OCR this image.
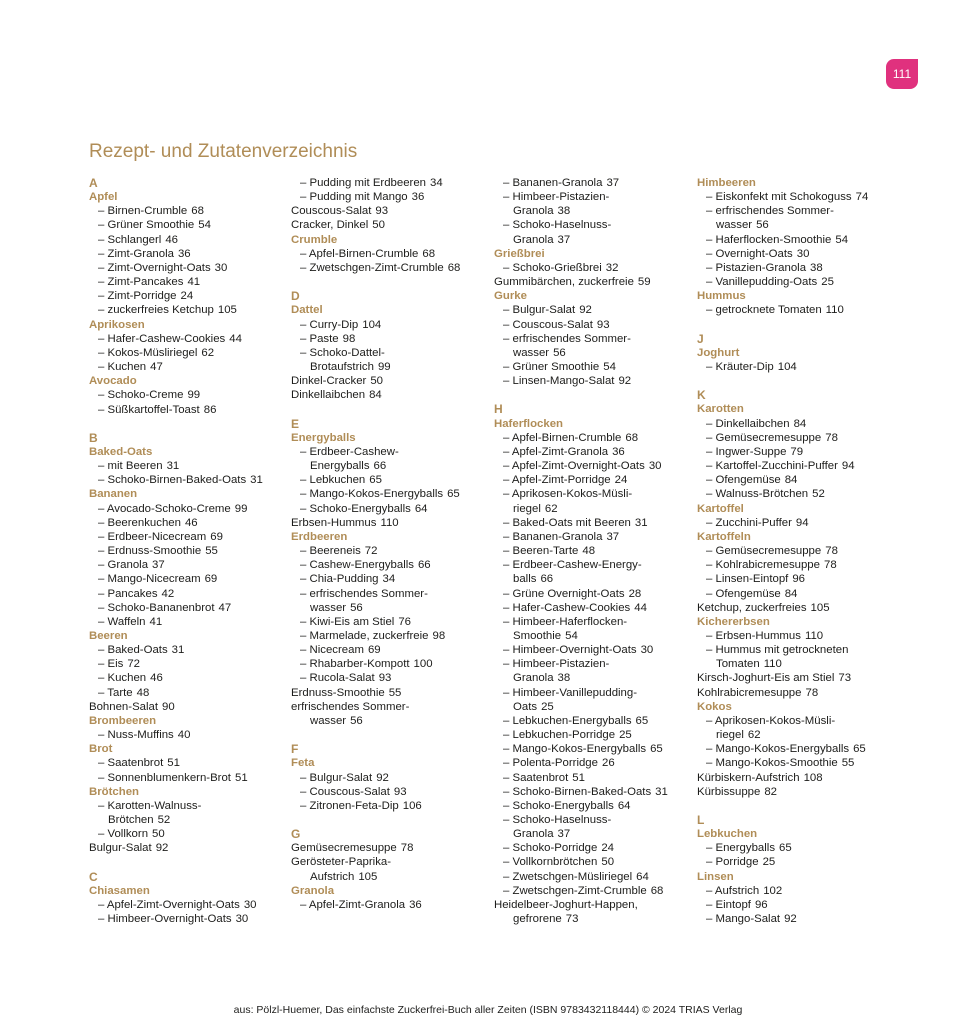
111
Rezept- und Zutatenverzeichnis
A
Apfel
– Birnen-Crumble 68
– Grüner Smoothie 54
– Schlangerl 46
– Zimt-Granola 36
– Zimt-Overnight-Oats 30
– Zimt-Pancakes 41
– Zimt-Porridge 24
– zuckerfreies Ketchup 105
Aprikosen
– Hafer-Cashew-Cookies 44
– Kokos-Müsliriegel 62
– Kuchen 47
Avocado
– Schoko-Creme 99
– Süßkartoffel-Toast 86
B
Baked-Oats
– mit Beeren 31
– Schoko-Birnen-Baked-Oats 31
Bananen
– Avocado-Schoko-Creme 99
– Beerenkuchen 46
– Erdbeer-Nicecream 69
– Erdnuss-Smoothie 55
– Granola 37
– Mango-Nicecream 69
– Pancakes 42
– Schoko-Bananenbrot 47
– Waffeln 41
Beeren
– Baked-Oats 31
– Eis 72
– Kuchen 46
– Tarte 48
Bohnen-Salat 90
Brombeeren
– Nuss-Muffins 40
Brot
– Saatenbrot 51
– Sonnenblumenkern-Brot 51
Brötchen
– Karotten-Walnuss-
Brötchen 52
– Vollkorn 50
Bulgur-Salat 92
C
Chiasamen
– Apfel-Zimt-Overnight-Oats 30
– Himbeer-Overnight-Oats 30
– Pudding mit Erdbeeren 34
– Pudding mit Mango 36
Couscous-Salat 93
Cracker, Dinkel 50
Crumble
– Apfel-Birnen-Crumble 68
– Zwetschgen-Zimt-Crumble 68
D
Dattel
– Curry-Dip 104
– Paste 98
– Schoko-Dattel-
Brotaufstrich 99
Dinkel-Cracker 50
Dinkellaibchen 84
E
Energyballs
– Erdbeer-Cashew-
Energyballs 66
– Lebkuchen 65
– Mango-Kokos-Energyballs 65
– Schoko-Energyballs 64
Erbsen-Hummus 110
Erdbeeren
– Beereneis 72
– Cashew-Energyballs 66
– Chia-Pudding 34
– erfrischendes Sommer-
wasser 56
– Kiwi-Eis am Stiel 76
– Marmelade, zuckerfreie 98
– Nicecream 69
– Rhabarber-Kompott 100
– Rucola-Salat 93
Erdnuss-Smoothie 55
erfrischendes Sommer-
wasser 56
F
Feta
– Bulgur-Salat 92
– Couscous-Salat 93
– Zitronen-Feta-Dip 106
G
Gemüsecremesuppe 78
Gerösteter-Paprika-
Aufstrich 105
Granola
– Apfel-Zimt-Granola 36
– Bananen-Granola 37
– Himbeer-Pistazien-
Granola 38
– Schoko-Haselnuss-
Granola 37
Grießbrei
– Schoko-Grießbrei 32
Gummibärchen, zuckerfreie 59
Gurke
– Bulgur-Salat 92
– Couscous-Salat 93
– erfrischendes Sommer-
wasser 56
– Grüner Smoothie 54
– Linsen-Mango-Salat 92
H
Haferflocken
– Apfel-Birnen-Crumble 68
– Apfel-Zimt-Granola 36
– Apfel-Zimt-Overnight-Oats 30
– Apfel-Zimt-Porridge 24
– Aprikosen-Kokos-Müsli-
riegel 62
– Baked-Oats mit Beeren 31
– Bananen-Granola 37
– Beeren-Tarte 48
– Erdbeer-Cashew-Energy-
balls 66
– Grüne Overnight-Oats 28
– Hafer-Cashew-Cookies 44
– Himbeer-Haferflocken-
Smoothie 54
– Himbeer-Overnight-Oats 30
– Himbeer-Pistazien-
Granola 38
– Himbeer-Vanillepudding-
Oats 25
– Lebkuchen-Energyballs 65
– Lebkuchen-Porridge 25
– Mango-Kokos-Energyballs 65
– Polenta-Porridge 26
– Saatenbrot 51
– Schoko-Birnen-Baked-Oats 31
– Schoko-Energyballs 64
– Schoko-Haselnuss-
Granola 37
– Schoko-Porridge 24
– Vollkornbrötchen 50
– Zwetschgen-Müsliriegel 64
– Zwetschgen-Zimt-Crumble 68
Heidelbeer-Joghurt-Happen,
gefrorene 73
Himbeeren
– Eiskonfekt mit Schokoguss 74
– erfrischendes Sommer-
wasser 56
– Haferflocken-Smoothie 54
– Overnight-Oats 30
– Pistazien-Granola 38
– Vanillepudding-Oats 25
Hummus
– getrocknete Tomaten 110
J
Joghurt
– Kräuter-Dip 104
K
Karotten
– Dinkellaibchen 84
– Gemüsecremesuppe 78
– Ingwer-Suppe 79
– Kartoffel-Zucchini-Puffer 94
– Ofengemüse 84
– Walnuss-Brötchen 52
Kartoffel
– Zucchini-Puffer 94
Kartoffeln
– Gemüsecremesuppe 78
– Kohlrabicremesuppe 78
– Linsen-Eintopf 96
– Ofengemüse 84
Ketchup, zuckerfreies 105
Kichererbsen
– Erbsen-Hummus 110
– Hummus mit getrockneten
Tomaten 110
Kirsch-Joghurt-Eis am Stiel 73
Kohlrabicremesuppe 78
Kokos
– Aprikosen-Kokos-Müsli-
riegel 62
– Mango-Kokos-Energyballs 65
– Mango-Kokos-Smoothie 55
Kürbiskern-Aufstrich 108
Kürbissuppe 82
L
Lebkuchen
– Energyballs 65
– Porridge 25
Linsen
– Aufstrich 102
– Eintopf 96
– Mango-Salat 92
aus: Pölzl-Huemer, Das einfachste Zuckerfrei-Buch aller Zeiten (ISBN 9783432118444) © 2024 TRIAS Verlag
